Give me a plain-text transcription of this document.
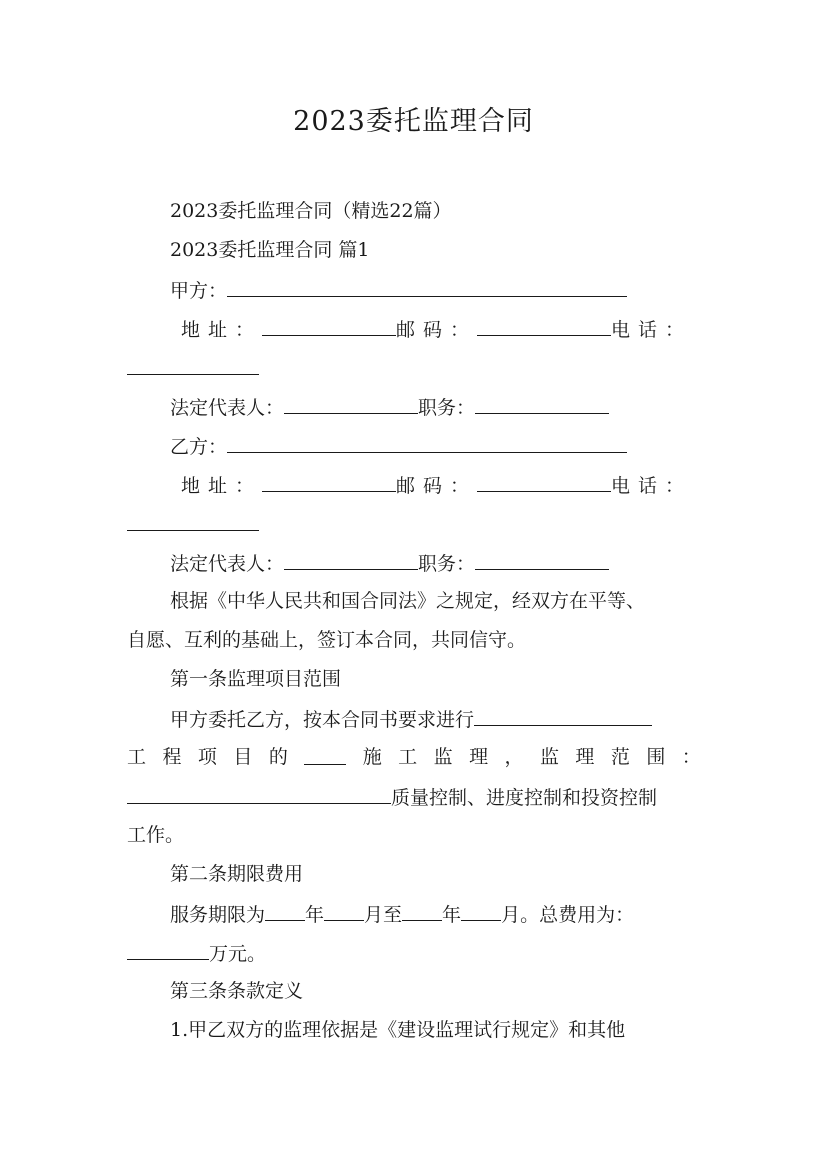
2023委托监理合同
2023委托监理合同（精选22篇）
2023委托监理合同 篇1
甲方：
地址：	邮码：	电话：
法定代表人：	职务：
乙方：
地址：	邮码：	电话：
法定代表人：	职务：
根据《中华人民共和国合同法》之规定，经双方在平等、
自愿、互利的基础上，签订本合同，共同信守。
第一条监理项目范围
甲方委托乙方，按本合同书要求进行
工 程 项 目 的	施 工 监 理 ， 监 理 范 围 ：
质量控制、进度控制和投资控制
工作。
第二条期限费用
服务期限为 年 月至 年 月。总费用为：
万元。
第三条条款定义
1.甲乙双方的监理依据是《建设监理试行规定》和其他
